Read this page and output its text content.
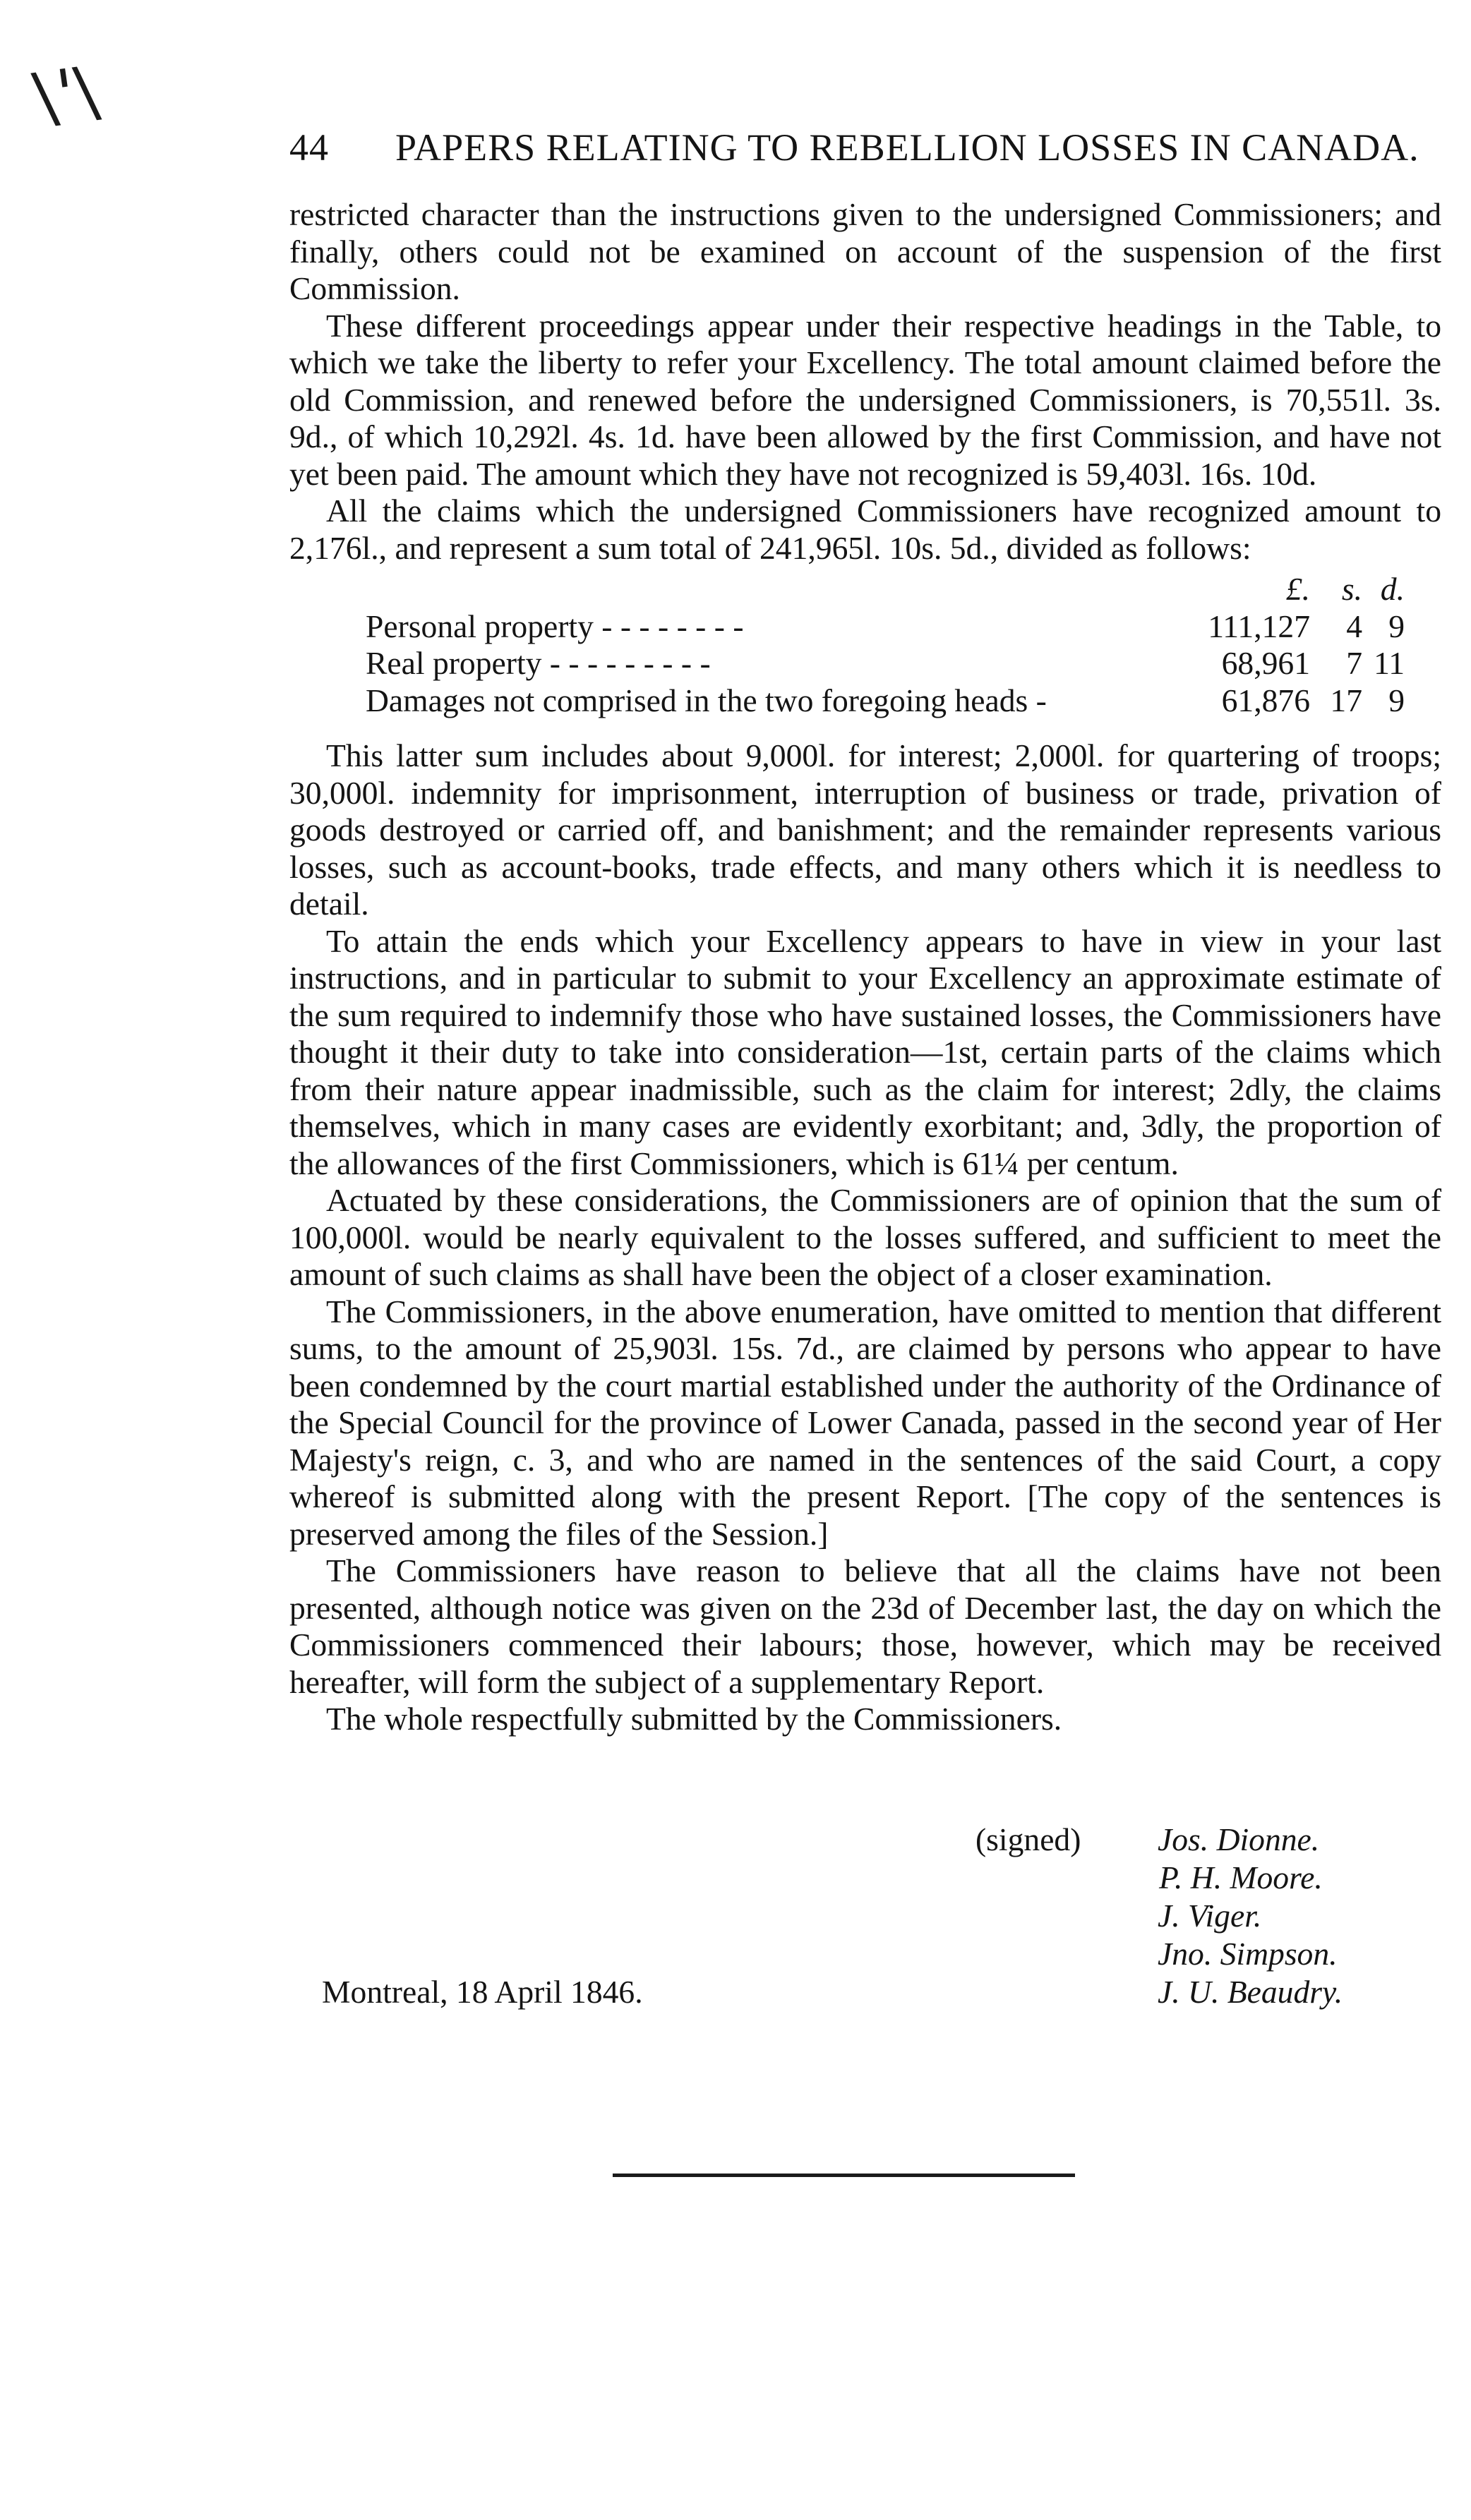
\'\
44 PAPERS RELATING TO REBELLION LOSSES IN CANADA.

restricted character than the instructions given to the undersigned Commissioners; and finally, others could not be examined on account of the suspension of the first Commission.

These different proceedings appear under their respective headings in the Table, to which we take the liberty to refer your Excellency. The total amount claimed before the old Commission, and renewed before the undersigned Commissioners, is 70,551l. 3s. 9d., of which 10,292l. 4s. 1d. have been allowed by the first Commission, and have not yet been paid. The amount which they have not recognized is 59,403l. 16s. 10d.

All the claims which the undersigned Commissioners have recognized amount to 2,176l., and represent a sum total of 241,965l. 10s. 5d., divided as follows:

	£.	s.	d.
Personal property - - - - - - - -	111,127	4	9
Real property - - - - - - - - -	68,961	7	11
Damages not comprised in the two foregoing heads -	61,876	17	9

This latter sum includes about 9,000l. for interest; 2,000l. for quartering of troops; 30,000l. indemnity for imprisonment, interruption of business or trade, privation of goods destroyed or carried off, and banishment; and the remainder represents various losses, such as account-books, trade effects, and many others which it is needless to detail.

To attain the ends which your Excellency appears to have in view in your last instructions, and in particular to submit to your Excellency an approximate estimate of the sum required to indemnify those who have sustained losses, the Commissioners have thought it their duty to take into consideration—1st, certain parts of the claims which from their nature appear inadmissible, such as the claim for interest; 2dly, the claims themselves, which in many cases are evidently exorbitant; and, 3dly, the proportion of the allowances of the first Commissioners, which is 61¼ per centum.

Actuated by these considerations, the Commissioners are of opinion that the sum of 100,000l. would be nearly equivalent to the losses suffered, and sufficient to meet the amount of such claims as shall have been the object of a closer examination.

The Commissioners, in the above enumeration, have omitted to mention that different sums, to the amount of 25,903l. 15s. 7d., are claimed by persons who appear to have been condemned by the court martial established under the authority of the Ordinance of the Special Council for the province of Lower Canada, passed in the second year of Her Majesty's reign, c. 3, and who are named in the sentences of the said Court, a copy whereof is submitted along with the present Report. [The copy of the sentences is preserved among the files of the Session.]

The Commissioners have reason to believe that all the claims have not been presented, although notice was given on the 23d of December last, the day on which the Commissioners commenced their labours; those, however, which may be received hereafter, will form the subject of a supplementary Report.

The whole respectfully submitted by the Commissioners.

(signed) Jos. Dionne.
P. H. Moore.
J. Viger.
Jno. Simpson.
J. U. Beaudry.
Montreal, 18 April 1846.
